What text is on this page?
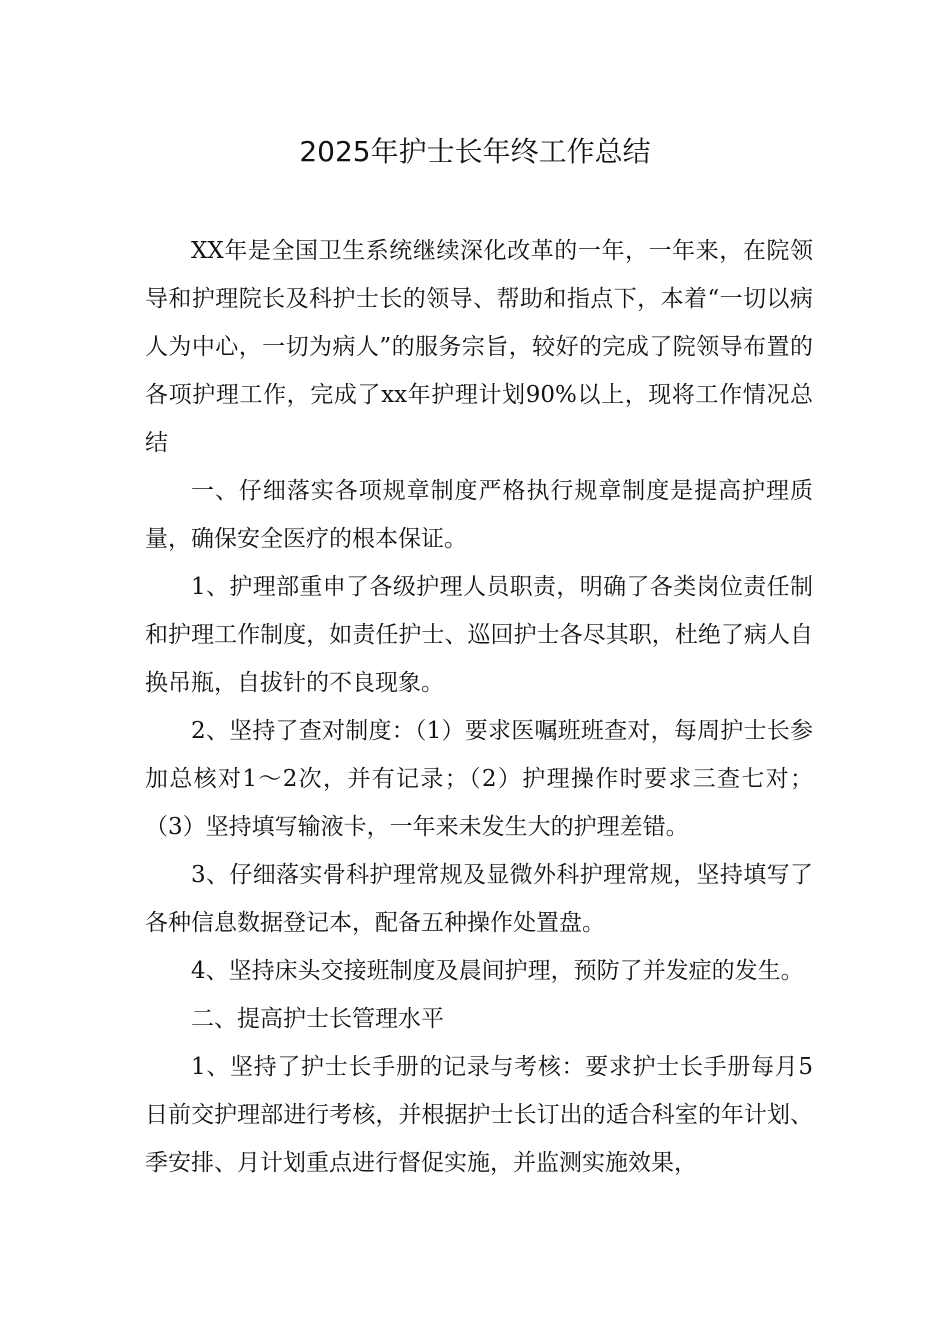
2025年护士长年终工作总结

XX年是全国卫生系统继续深化改革的一年，一年来，在院领导和护理院长及科护士长的领导、帮助和指点下，本着“一切以病人为中心，一切为病人”的服务宗旨，较好的完成了院领导布置的各项护理工作，完成了xx年护理计划90%以上，现将工作情况总结

一、仔细落实各项规章制度严格执行规章制度是提高护理质量，确保安全医疗的根本保证。

1、护理部重申了各级护理人员职责，明确了各类岗位责任制和护理工作制度，如责任护士、巡回护士各尽其职，杜绝了病人自换吊瓶，自拔针的不良现象。

2、坚持了查对制度：（1）要求医嘱班班查对，每周护士长参加总核对1～2次，并有记录；（2）护理操作时要求三查七对；（3）坚持填写输液卡，一年来未发生大的护理差错。

3、仔细落实骨科护理常规及显微外科护理常规，坚持填写了各种信息数据登记本，配备五种操作处置盘。

4、坚持床头交接班制度及晨间护理，预防了并发症的发生。

二、提高护士长管理水平

1、坚持了护士长手册的记录与考核：要求护士长手册每月5日前交护理部进行考核，并根据护士长订出的适合科室的年计划、季安排、月计划重点进行督促实施，并监测实施效果，
